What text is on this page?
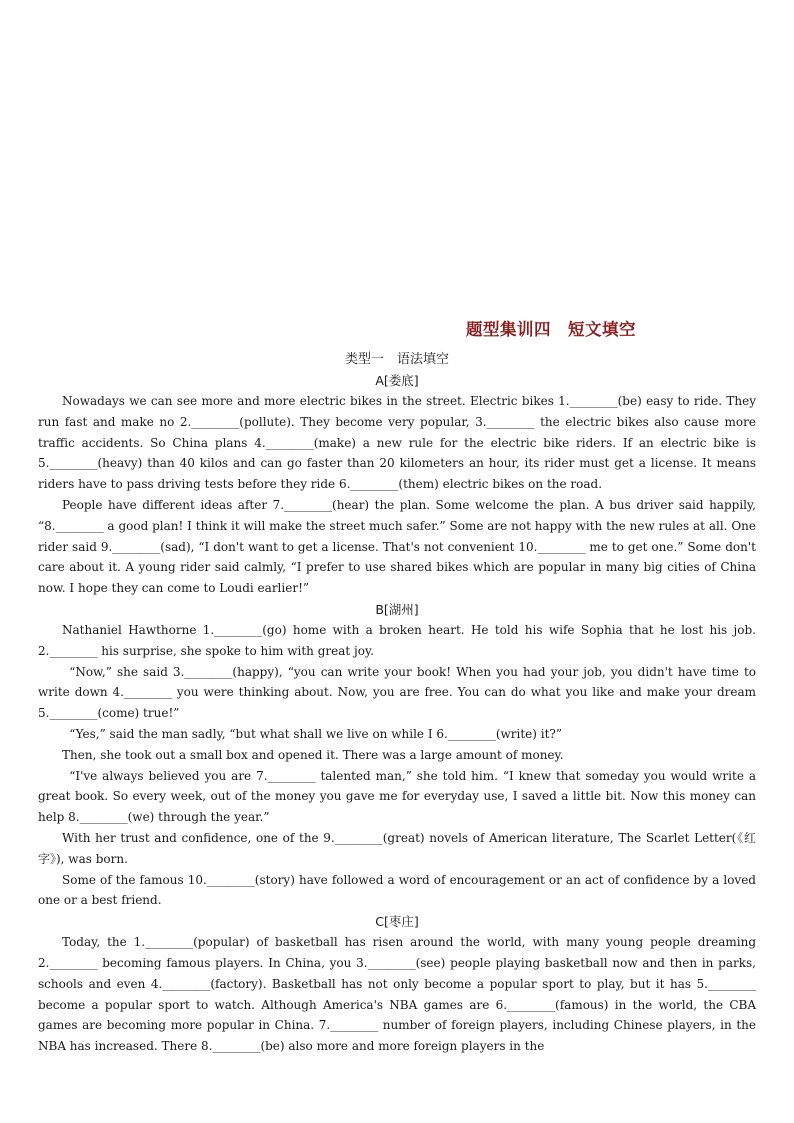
题型集训四　短文填空
类型一　语法填空
A[娄底]

Nowadays we can see more and more electric bikes in the street. Electric bikes 1.________(be) easy to ride. They run fast and make no 2.________(pollute). They become very popular, 3.________ the electric bikes also cause more traffic accidents. So China plans 4.________(make) a new rule for the electric bike riders. If an electric bike is 5.________(heavy) than 40 kilos and can go faster than 20 kilometers an hour, its rider must get a license. It means riders have to pass driving tests before they ride 6.________(them) electric bikes on the road.

People have different ideas after 7.________(hear) the plan. Some welcome the plan. A bus driver said happily, “8.________ a good plan! I think it will make the street much safer.” Some are not happy with the new rules at all. One rider said 9.________(sad), “I don't want to get a license. That's not convenient 10.________ me to get one.” Some don't care about it. A young rider said calmly, “I prefer to use shared bikes which are popular in many big cities of China now. I hope they can come to Loudi earlier!”

B[湖州]

Nathaniel Hawthorne 1.________(go) home with a broken heart. He told his wife Sophia that he lost his job. 2.________ his surprise, she spoke to him with great joy.

“Now,” she said 3.________(happy), “you can write your book! When you had your job, you didn't have time to write down 4.________ you were thinking about. Now, you are free. You can do what you like and make your dream 5.________(come) true!”

“Yes,” said the man sadly, “but what shall we live on while I 6.________(write) it?”

Then, she took out a small box and opened it. There was a large amount of money.

“I've always believed you are 7.________ talented man,” she told him. “I knew that someday you would write a great book. So every week, out of the money you gave me for everyday use, I saved a little bit. Now this money can help 8.________(we) through the year.”

With her trust and confidence, one of the 9.________(great) novels of American literature, The Scarlet Letter(《红字》), was born.

Some of the famous 10.________(story) have followed a word of encouragement or an act of confidence by a loved one or a best friend.

C[枣庄]

Today, the 1.________(popular) of basketball has risen around the world, with many young people dreaming 2.________ becoming famous players. In China, you 3.________(see) people playing basketball now and then in parks, schools and even 4.________(factory). Basketball has not only become a popular sport to play, but it has 5.________ become a popular sport to watch. Although America's NBA games are 6.________(famous) in the world, the CBA games are becoming more popular in China. 7.________ number of foreign players, including Chinese players, in the NBA has increased. There 8.________(be) also more and more foreign players in the
